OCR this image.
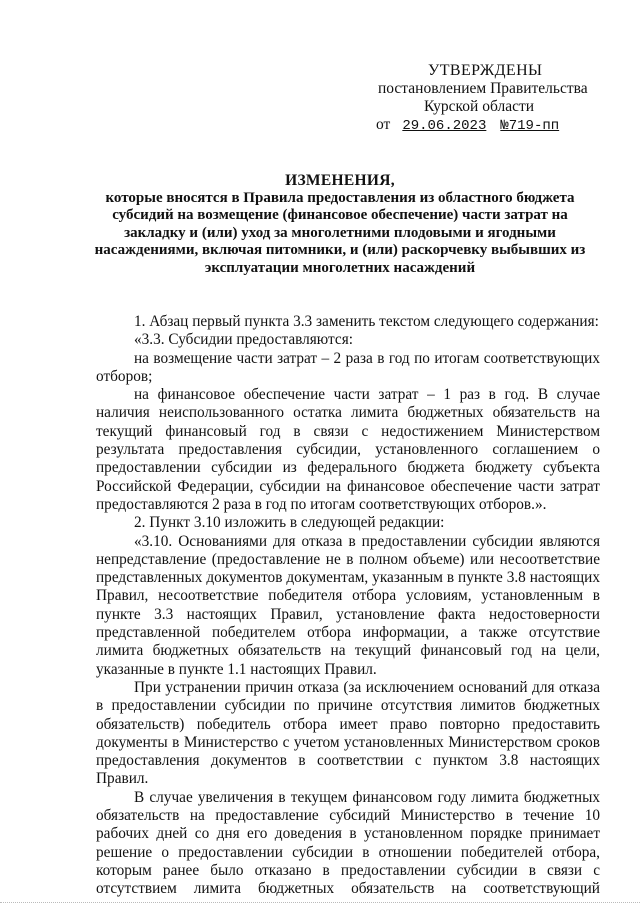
УТВЕРЖДЕНЫ
постановлением Правительства
Курской области
от 29.06.2023 №719-пп
ИЗМЕНЕНИЯ,
которые вносятся в Правила предоставления из областного бюджета
субсидий на возмещение (финансовое обеспечение) части затрат на
закладку и (или) уход за многолетними плодовыми и ягодными
насаждениями, включая питомники, и (или) раскорчевку выбывших из
эксплуатации многолетних насаждений

1. Абзац первый пункта 3.3 заменить текстом следующего содержания:

«3.3. Субсидии предоставляются:

на возмещение части затрат – 2 раза в год по итогам соответствующих отборов;

на финансовое обеспечение части затрат – 1 раз в год. В случае наличия неиспользованного остатка лимита бюджетных обязательств на текущий финансовый год в связи с недостижением Министерством результата предоставления субсидии, установленного соглашением о предоставлении субсидии из федерального бюджета бюджету субъекта Российской Федерации, субсидии на финансовое обеспечение части затрат предоставляются 2 раза в год по итогам соответствующих отборов.».

2. Пункт 3.10 изложить в следующей редакции:

«3.10. Основаниями для отказа в предоставлении субсидии являются непредставление (предоставление не в полном объеме) или несоответствие представленных документов документам, указанным в пункте 3.8 настоящих Правил, несоответствие победителя отбора условиям, установленным в пункте 3.3 настоящих Правил, установление факта недостоверности представленной победителем отбора информации, а также отсутствие лимита бюджетных обязательств на текущий финансовый год на цели, указанные в пункте 1.1 настоящих Правил.

При устранении причин отказа (за исключением оснований для отказа в предоставлении субсидии по причине отсутствия лимитов бюджетных обязательств) победитель отбора имеет право повторно предоставить документы в Министерство с учетом установленных Министерством сроков предоставления документов в соответствии с пунктом 3.8 настоящих Правил.

В случае увеличения в текущем финансовом году лимита бюджетных обязательств на предоставление субсидий Министерство в течение 10 рабочих дней со дня его доведения в установленном порядке принимает решение о предоставлении субсидии в отношении победителей отбора, которым ранее было отказано в предоставлении субсидии в связи с отсутствием лимита бюджетных обязательств на соответствующий
